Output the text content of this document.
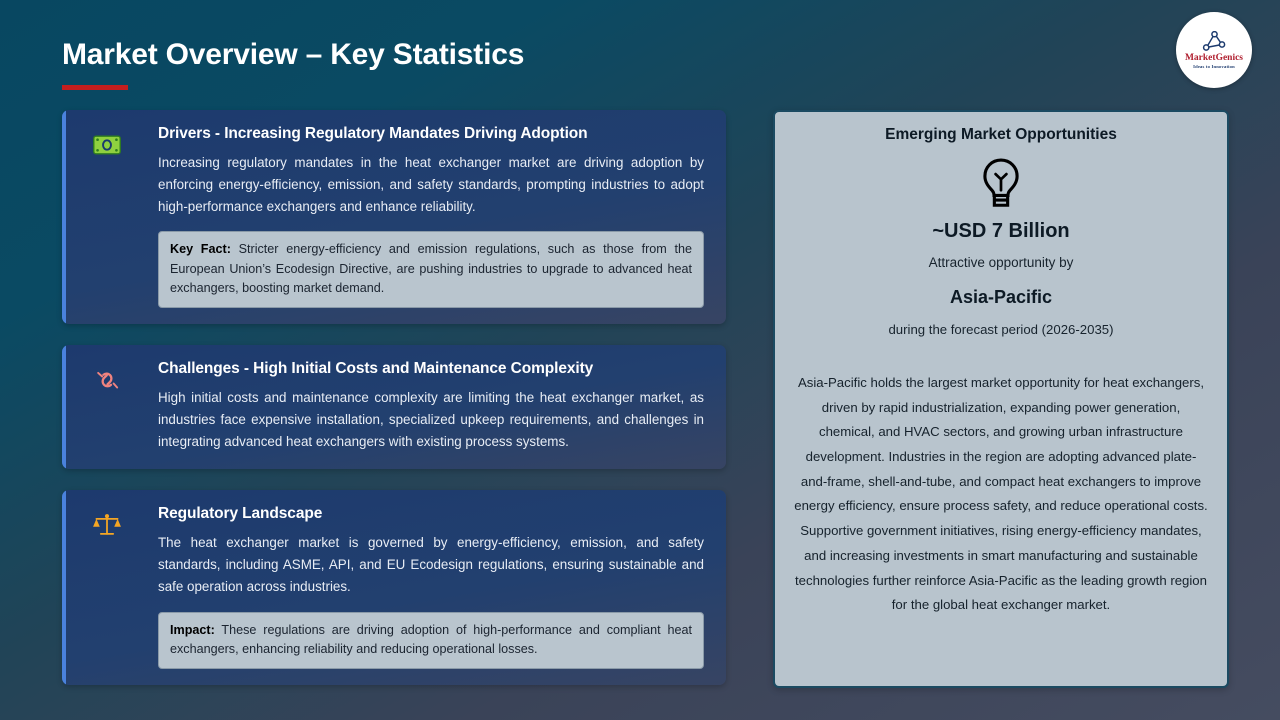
Market Overview – Key Statistics	MarketGenics
Ideas to Innovation
Drivers - Increasing Regulatory Mandates Driving Adoption
Increasing regulatory mandates in the heat exchanger market are driving adoption by enforcing energy-efficiency, emission, and safety standards, prompting industries to adopt high-performance exchangers and enhance reliability.
Key Fact: Stricter energy-efficiency and emission regulations, such as those from the European Union’s Ecodesign Directive, are pushing industries to upgrade to advanced heat exchangers, boosting market demand.
Challenges - High Initial Costs and Maintenance Complexity
High initial costs and maintenance complexity are limiting the heat exchanger market, as industries face expensive installation, specialized upkeep requirements, and challenges in integrating advanced heat exchangers with existing process systems.
Regulatory Landscape
The heat exchanger market is governed by energy-efficiency, emission, and safety standards, including ASME, API, and EU Ecodesign regulations, ensuring sustainable and safe operation across industries.
Impact: These regulations are driving adoption of high-performance and compliant heat exchangers, enhancing reliability and reducing operational losses.
Emerging Market Opportunities
~USD 7 Billion
Attractive opportunity by
Asia-Pacific
during the forecast period (2026-2035)
Asia-Pacific holds the largest market opportunity for heat exchangers, driven by rapid industrialization, expanding power generation, chemical, and HVAC sectors, and growing urban infrastructure development. Industries in the region are adopting advanced plate-and-frame, shell-and-tube, and compact heat exchangers to improve energy efficiency, ensure process safety, and reduce operational costs. Supportive government initiatives, rising energy-efficiency mandates, and increasing investments in smart manufacturing and sustainable technologies further reinforce Asia-Pacific as the leading growth region for the global heat exchanger market.
